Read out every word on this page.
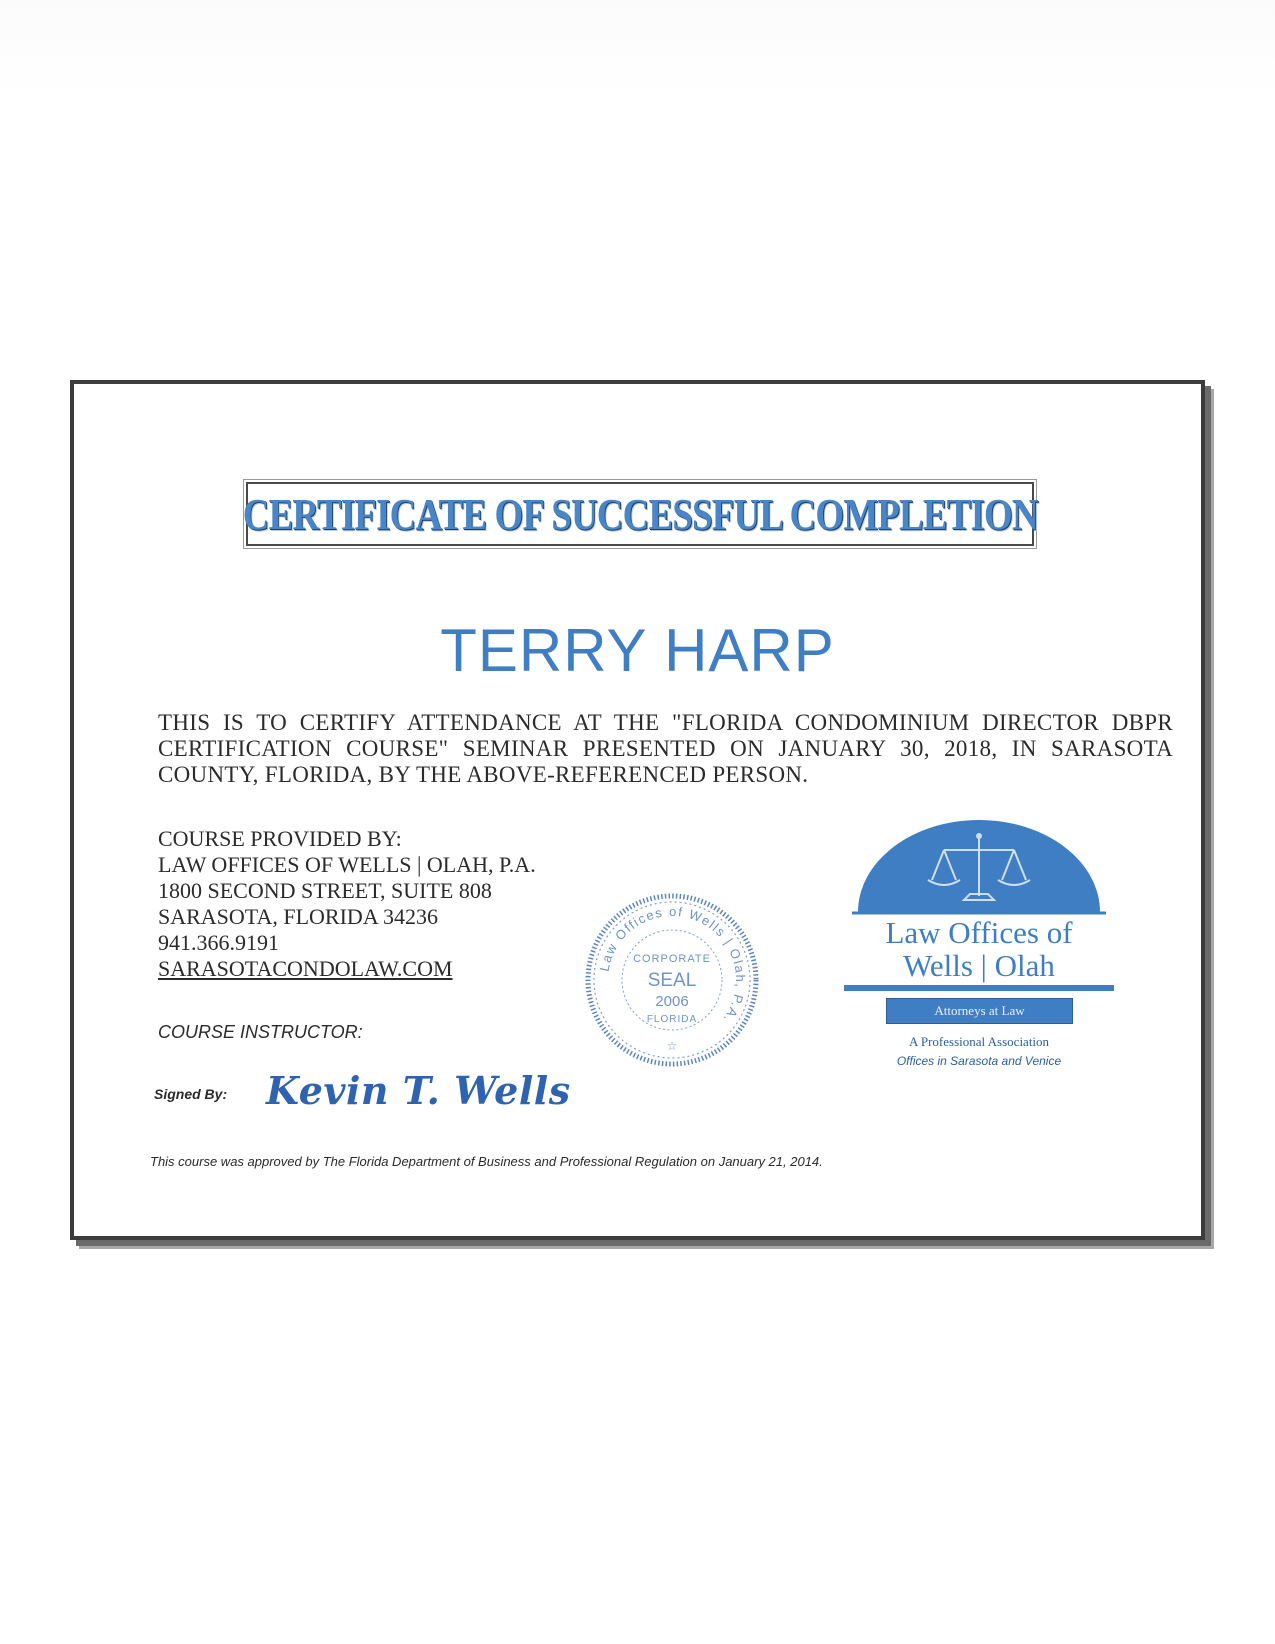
CERTIFICATE OF SUCCESSFUL COMPLETION
TERRY HARP
THIS IS TO CERTIFY ATTENDANCE AT THE "FLORIDA CONDOMINIUM DIRECTOR DBPR CERTIFICATION COURSE" SEMINAR PRESENTED ON JANUARY 30, 2018, IN SARASOTA COUNTY, FLORIDA, BY THE ABOVE-REFERENCED PERSON.
COURSE PROVIDED BY:
LAW OFFICES OF WELLS | OLAH, P.A.
1800 SECOND STREET, SUITE 808
SARASOTA, FLORIDA 34236
941.366.9191
SARASOTACONDOLAW.COM
COURSE INSTRUCTOR:
Signed By: Kevin T. Wells
Law Offices of Wells | Olah, P.A.
CORPORATE
SEAL
2006
FLORIDA
☆
Law Offices of
Wells | Olah
Attorneys at Law
A Professional Association
Offices in Sarasota and Venice
This course was approved by The Florida Department of Business and Professional Regulation on January 21, 2014.
